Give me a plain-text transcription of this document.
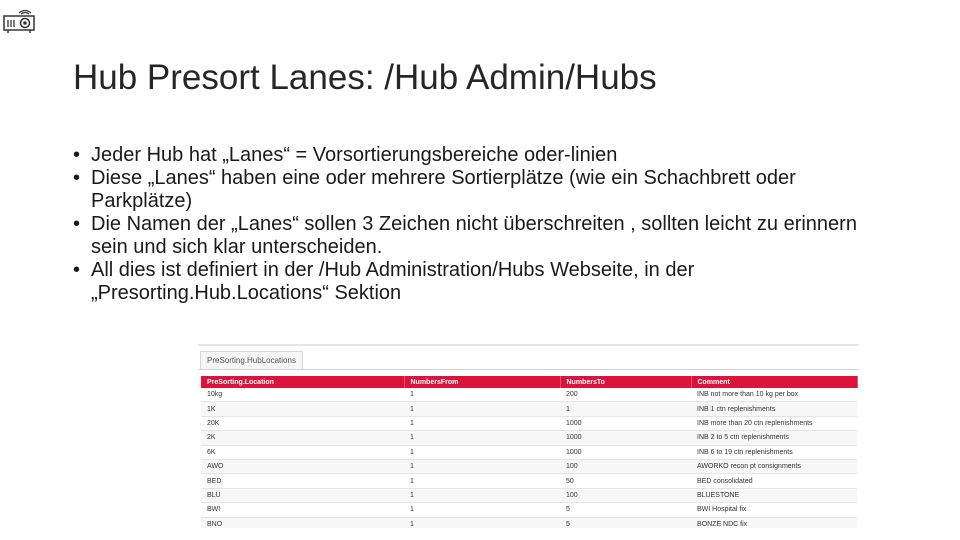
Hub Presort Lanes: /Hub Admin/Hubs
• Jeder Hub hat „Lanes“ = Vorsortierungsbereiche oder-linien
• Diese „Lanes“ haben eine oder mehrere Sortierplätze (wie ein Schachbrett oder Parkplätze)
• Die Namen der „Lanes“ sollen 3 Zeichen nicht überschreiten , sollten leicht zu erinnern sein und sich klar unterscheiden.
• All dies ist definiert in der /Hub Administration/Hubs Webseite, in der „Presorting.Hub.Locations“ Sektion
PreSorting.HubLocations
PreSorting.Location	NumbersFrom	NumbersTo	Comment
10kg	1	200	INB not more than 10 kg per box
1K	1	1	INB 1 ctn replenishments
20K	1	1000	INB more than 20 ctn replenishments
2K	1	1000	INB 2 to 5 ctn replenishments
6K	1	1000	INB 6 to 19 ctn replenishments
AWO	1	100	AWORKO recon pt consignments
BED	1	50	BED consolidated
BLU	1	100	BLUESTONE
BWI	1	5	BWI Hospital fix
BNO	1	5	BONZE NDC fix
